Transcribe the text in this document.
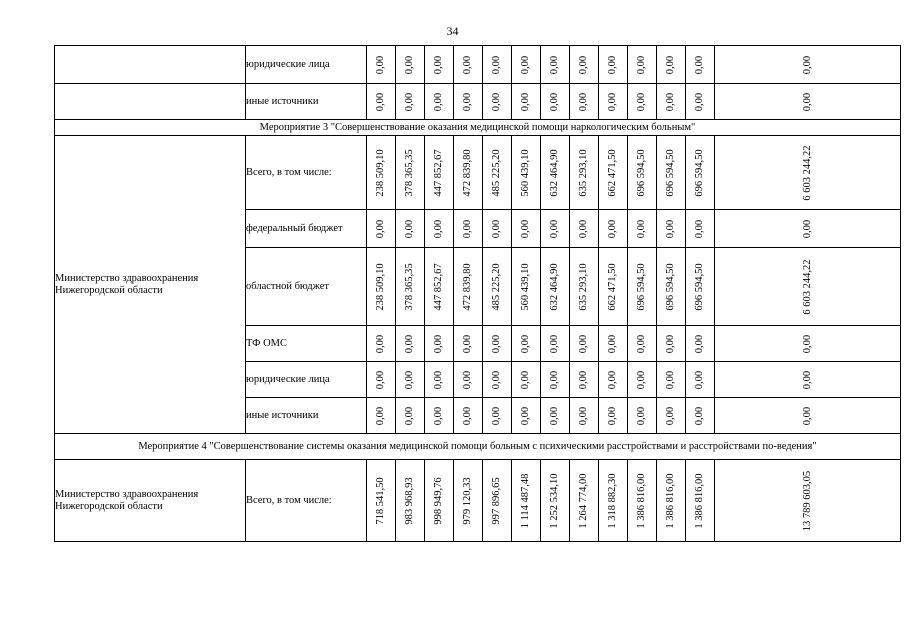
34
	юридические лица	0,00	0,00	0,00	0,00	0,00	0,00	0,00	0,00	0,00	0,00	0,00	0,00	0,00

	иные источники	0,00	0,00	0,00	0,00	0,00	0,00	0,00	0,00	0,00	0,00	0,00	0,00	0,00

Мероприятие 3 "Совершенствование оказания медицинской помощи наркологическим больным"														
Министерство здравоохранения Нижегородской области	Всего, в том числе:	238 509,10	378 365,35	447 852,67	472 839,80	485 225,20	560 439,10	632 464,90	635 293,10	662 471,50	696 594,50	696 594,50	696 594,50	6 603 244,22

	федеральный бюджет	0,00	0,00	0,00	0,00	0,00	0,00	0,00	0,00	0,00	0,00	0,00	0,00	0,00

	областной бюджет	238 509,10	378 365,35	447 852,67	472 839,80	485 225,20	560 439,10	632 464,90	635 293,10	662 471,50	696 594,50	696 594,50	696 594,50	6 603 244,22

	ТФ ОМС	0,00	0,00	0,00	0,00	0,00	0,00	0,00	0,00	0,00	0,00	0,00	0,00	0,00

	юридические лица	0,00	0,00	0,00	0,00	0,00	0,00	0,00	0,00	0,00	0,00	0,00	0,00	0,00

	иные источники	0,00	0,00	0,00	0,00	0,00	0,00	0,00	0,00	0,00	0,00	0,00	0,00	0,00

Мероприятие 4 "Совершенствование системы оказания медицинской помощи больным с психическими расстройствами и расстройствами по-ведения"														
Министерство здравоохранения Нижегородской области	Всего, в том числе:	718 541,50	983 968,93	998 949,76	979 120,33	997 896,65	1 114 487,48	1 252 534,10	1 264 774,00	1 318 882,30	1 386 816,00	1 386 816,00	1 386 816,00	13 789 603,05
